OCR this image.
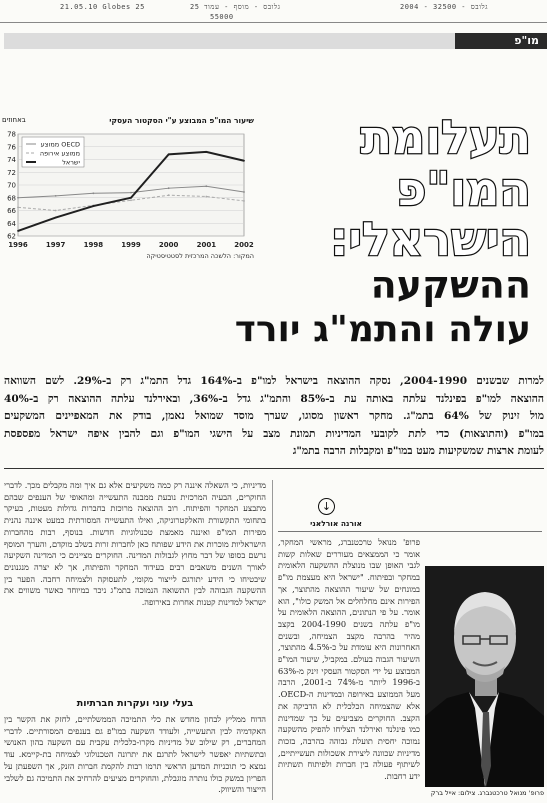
21.05.10 Globes 25	גלובס - מוסף - עמוד 25
55000
גלובס - 32500 - 2004
מו"פ
באחוזים	שיעור המו"פ המבוצע ע"י הסקטור העסקי
62
64
66
68
70
72
74
76
78
1996	1997	1998	1999	2000	2001	2002
ממוצע OECD
ממוצע אירופה
ישראל
המקור: הלשכה המרכזית לסטטיסטיקה
תעלומת
המו"פ
הישראלי:
ההשקעה
עולה והתמ"ג יורד
למרות שבשנים 2004-1990, נסקה ההוצאה בישראל למו"פ ב-164% גדל התמ"ג רק ב-29%. לשם השוואה
ההוצאה למו"פ בפינלנד עלתה באותה עת ב-85% והתמ"ג גדל ב-36%, ובאירלנד עלתה ההוצאה רק ב-40%
מול זינוק של 64% בתמ"ג. מחקר ראשון מסוגו, שערך מוסד שמואל נאמן, בודק את המאפיינים המשקעים
במו"פ (והתוצאות) כדי לתת לקובעי המדיניות תמונת מצב על הישגי המו"פ וגם להבין איפה ישראל מפספסת
לעומת ארצות שמשקיעות מעט במו"פ ומקבלות הרבה בתמ"ג
מדיניות, כי השאלה איננה רק כמה משקיעים אלא גם איך ומה מקבלים מכך. לדברי החוקרים, הבעיה המרכזית נובעת ממבנה התעשייה ומהאופי של הענפים שבהם מתבצע המחקר והפיתוח. רוב ההוצאה מרוכזת בחברות גדולות מעטות, בעיקר בתחומי התקשורת והאלקטרוניקה, ואילו התעשייה המסורתית כמעט איננה נהנית מפירות המו"פ ואיננה מאמצת טכנולוגיות חדשות. בנוסף, רבות מהחברות הישראליות מוכרות את הידע שפותח כאן לחברות זרות בשלב מוקדם, והערך המוסף נרשם בסופו של דבר מחוץ לגבולות המדינה. החוקרים מציינים כי המדינה השקיעה לאורך השנים משאבים רבים בעידוד המחקר והפיתוח, אך לא יצרה מנגנונים שיבטיחו כי הידע יתורגם לייצור מקומי, לתעסוקה ולצמיחה רחבה. הפער בין ההשקעה הגבוהה לבין התשואה הנמוכה בתמ"ג ניכר במיוחד כאשר משווים את ישראל למדינות קטנות אחרות באירופה.
בעלי עוני ועקרות חברתיות
הדוח ממליץ לבחון מחדש את כלי התמיכה הממשלתיים, לחזק את הקשר בין האקדמיה לבין התעשייה, ולעודד השקעה במו"פ גם בענפים המסורתיים. לדברי המחברים, רק שילוב של מדיניות מקרו-כלכלית עקבית עם השקעה בהון האנושי ובתשתיות יאפשר לישראל לתרגם את יתרונה הטכנולוגי לצמיחה בת-קיימא. עוד נמצא כי תוכניות המדען הראשי תרמו רבות להקמת חברות הזנק, אך השפעתן על הפריון במשק כולו נותרה מוגבלת, והחוקרים מציעים להרחיב את התמיכה גם לשלבי הייצור והשיווק.
↓
אורנה אורלאני
פרופ' מנואל טרכטנברג, מראשי המחקר, אומר כי הממצאים מעוררים שאלות קשות לגבי האופן שבו מנוצלת ההשקעה הלאומית במחקר ובפיתוח. "ישראל היא מעצמת מו"פ במונחים של שיעור ההוצאה מהתוצר, אך הפירות אינם מחלחלים אל המשק כולו", הוא אומר. על פי הנתונים, ההוצאה הלאומית על מו"פ עלתה בשנים 2004-1990 בקצב מהיר בהרבה מקצב הצמיחה, ובשנים האחרונות היא עומדת על כ-4.5% מהתוצר, השיעור הגבוה בעולם. במקביל, שיעור המו"פ המבוצע על ידי הסקטור העסקי זינק מ-63% ב-1996 ליותר מ-74% ב-2001, הרבה מעל הממוצע באירופה ובמדינות ה-OECD. אלא שהצמיחה הכלכלית לא הדביקה את הקצב. החוקרים מצביעים על כך שמדינות כמו פינלנד ואירלנד הצליחו להפיק מהשקעה נמוכה יחסית תועלת גבוהה בהרבה, בזכות מדיניות שכוונה ליצירת אשכולות תעשייתיים, לשיתוף פעולה בין חברות ולפיתוח תשתיות ידע רחבות.
פרופ' מנואל טרכטנברג. צילום: אייל ברק
